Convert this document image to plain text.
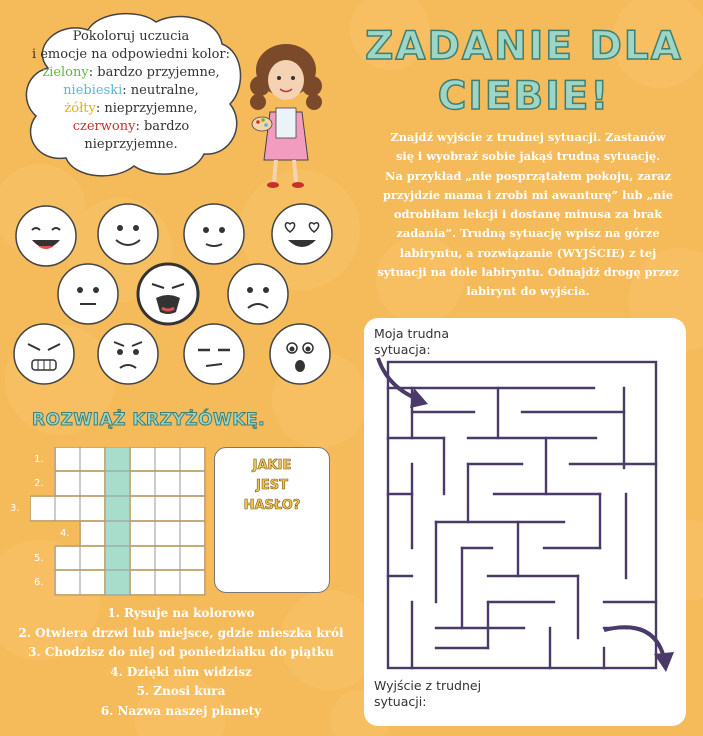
Pokoloruj uczucia
i emocje na odpowiedni kolor:
zielony: bardzo przyjemne,
niebieski: neutralne,
żółty: nieprzyjemne,
czerwony: bardzo
nieprzyjemne.
ROZWIĄŻ KRZYŻÓWKĘ.
1.
2.
3.
4.
5.
6.
JAKIE
JEST
HASŁO?
1. Rysuje na kolorowo
2. Otwiera drzwi lub miejsce, gdzie mieszka król
3. Chodzisz do niej od poniedziałku do piątku
4. Dzięki nim widzisz
5. Znosi kura
6. Nazwa naszej planety
ZADANIE DLA
CIEBIE!
Znajdź wyjście z trudnej sytuacji. Zastanów
się i wyobraź sobie jakąś trudną sytuację.
Na przykład „nie posprzątałem pokoju, zaraz
przyjdzie mama i zrobi mi awanturę” lub „nie
odrobiłam lekcji i dostanę minusa za brak
zadania”. Trudną sytuację wpisz na górze
labiryntu, a rozwiązanie (WYJŚCIE) z tej
sytuacji na dole labiryntu. Odnajdź drogę przez
labirynt do wyjścia.
Moja trudna
sytuacja:
Wyjście z trudnej
sytuacji:
